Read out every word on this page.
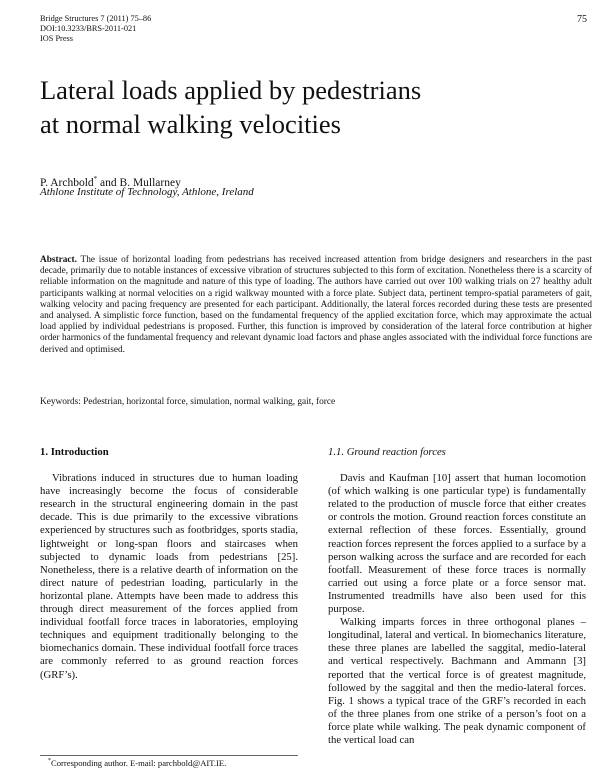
Bridge Structures 7 (2011) 75–86
DOI:10.3233/BRS-2011-021
IOS Press
75
Lateral loads applied by pedestrians
at normal walking velocities
P. Archbold* and B. Mullarney
Athlone Institute of Technology, Athlone, Ireland

Abstract. The issue of horizontal loading from pedestrians has received increased attention from bridge designers and researchers in the past decade, primarily due to notable instances of excessive vibration of structures subjected to this form of excitation. Nonetheless there is a scarcity of reliable information on the magnitude and nature of this type of loading. The authors have carried out over 100 walking trials on 27 healthy adult participants walking at normal velocities on a rigid walkway mounted with a force plate. Subject data, pertinent tempro-spatial parameters of gait, walking velocity and pacing frequency are presented for each participant. Additionally, the lateral forces recorded during these tests are presented and analysed. A simplistic force function, based on the fundamental frequency of the applied excitation force, which may approximate the actual load applied by individual pedestrians is proposed. Further, this function is improved by consideration of the lateral force contribution at higher order harmonics of the fundamental frequency and relevant dynamic load factors and phase angles associated with the individual force functions are derived and optimised.

Keywords: Pedestrian, horizontal force, simulation, normal walking, gait, force
1. Introduction

Vibrations induced in structures due to human loading have increasingly become the focus of considerable research in the structural engineering domain in the past decade. This is due primarily to the excessive vibrations experienced by structures such as footbridges, sports stadia, lightweight or long-span floors and staircases when subjected to dynamic loads from pedestrians [25]. Nonetheless, there is a relative dearth of information on the direct nature of pedestrian loading, particularly in the horizontal plane. Attempts have been made to address this through direct measurement of the forces applied from individual footfall force traces in laboratories, employing techniques and equipment traditionally belonging to the biomechanics domain. These individual footfall force traces are commonly referred to as ground reaction forces (GRF’s).

1.1. Ground reaction forces

Davis and Kaufman [10] assert that human locomotion (of which walking is one particular type) is fundamentally related to the production of muscle force that either creates or controls the motion. Ground reaction forces constitute an external reflection of these forces. Essentially, ground reaction forces represent the forces applied to a surface by a person walking across the surface and are recorded for each footfall. Measurement of these force traces is normally carried out using a force plate or a force sensor mat. Instrumented treadmills have also been used for this purpose.

Walking imparts forces in three orthogonal planes – longitudinal, lateral and vertical. In biomechanics literature, these three planes are labelled the saggital, medio-lateral and vertical respectively. Bachmann and Ammann [3] reported that the vertical force is of greatest magnitude, followed by the saggital and then the medio-lateral forces. Fig. 1 shows a typical trace of the GRF’s recorded in each of the three planes from one strike of a person’s foot on a force plate while walking. The peak dynamic component of the vertical load can

*Corresponding author. E-mail: parchbold@AIT.IE.
